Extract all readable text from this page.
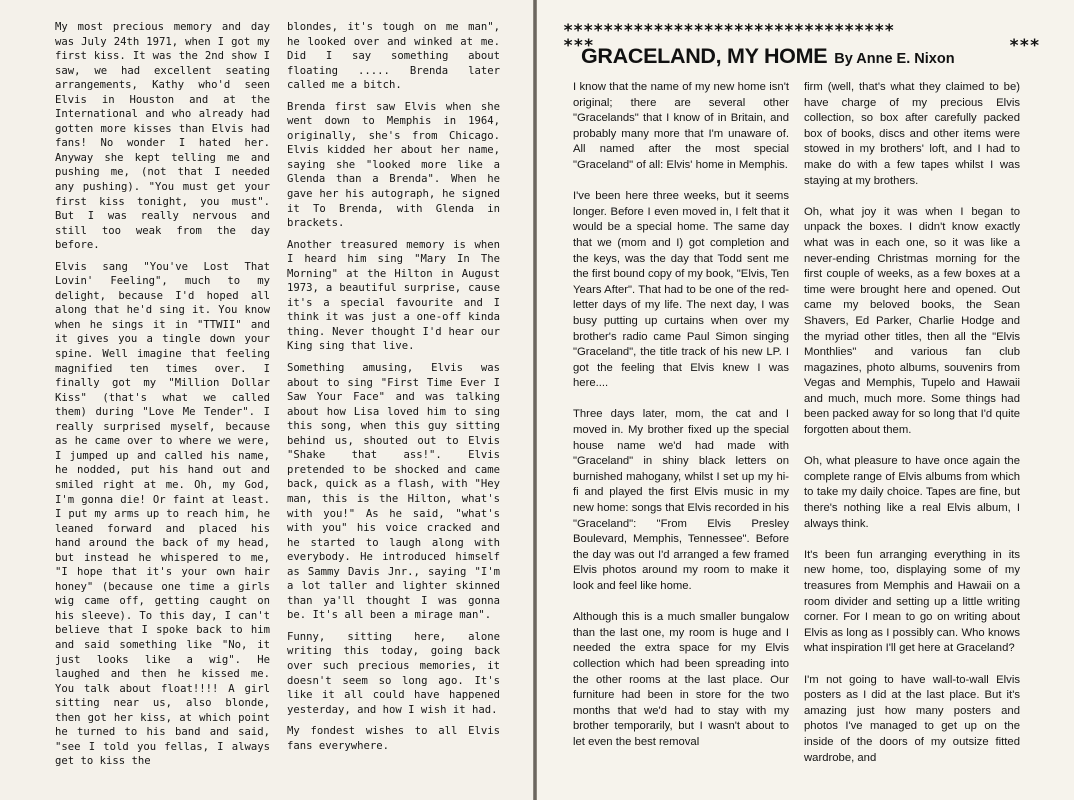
My most precious memory and day was July 24th 1971, when I got my first kiss. It was the 2nd show I saw, we had excellent seating arrangements, Kathy who'd seen Elvis in Houston and at the International and who already had gotten more kisses than Elvis had fans! No wonder I hated her. Anyway she kept telling me and pushing me, (not that I needed any pushing). "You must get your first kiss tonight, you must". But I was really nervous and still too weak from the day before.

Elvis sang "You've Lost That Lovin' Feeling", much to my delight, because I'd hoped all along that he'd sing it. You know when he sings it in "TTWII" and it gives you a tingle down your spine. Well imagine that feeling magnified ten times over. I finally got my "Million Dollar Kiss" (that's what we called them) during "Love Me Tender". I really surprised myself, because as he came over to where we were, I jumped up and called his name, he nodded, put his hand out and smiled right at me. Oh, my God, I'm gonna die! Or faint at least. I put my arms up to reach him, he leaned forward and placed his hand around the back of my head, but instead he whispered to me, "I hope that it's your own hair honey" (because one time a girls wig came off, getting caught on his sleeve). To this day, I can't believe that I spoke back to him and said something like "No, it just looks like a wig". He laughed and then he kissed me. You talk about float!!!! A girl sitting near us, also blonde, then got her kiss, at which point he turned to his band and said, "see I told you fellas, I always get to kiss the

blondes, it's tough on me man", he looked over and winked at me. Did I say something about floating ..... Brenda later called me a bitch.

Brenda first saw Elvis when she went down to Memphis in 1964, originally, she's from Chicago. Elvis kidded her about her name, saying she "looked more like a Glenda than a Brenda". When he gave her his autograph, he signed it To Brenda, with Glenda in brackets.

Another treasured memory is when I heard him sing "Mary In The Morning" at the Hilton in August 1973, a beautiful surprise, cause it's a special favourite and I think it was just a one-off kinda thing. Never thought I'd hear our King sing that live.

Something amusing, Elvis was about to sing "First Time Ever I Saw Your Face" and was talking about how Lisa loved him to sing this song, when this guy sitting behind us, shouted out to Elvis "Shake that ass!". Elvis pretended to be shocked and came back, quick as a flash, with "Hey man, this is the Hilton, what's with you!" As he said, "what's with you" his voice cracked and he started to laugh along with everybody. He introduced himself as Sammy Davis Jnr., saying "I'm a lot taller and lighter skinned than ya'll thought I was gonna be. It's all been a mirage man".

Funny, sitting here, alone writing this today, going back over such precious memories, it doesn't seem so long ago. It's like it all could have happened yesterday, and how I wish it had.

My fondest wishes to all Elvis fans everywhere.

*********************************
***	***
GRACELAND, MY HOME By Anne E. Nixon

I know that the name of my new home isn't original; there are several other "Gracelands" that I know of in Britain, and probably many more that I'm unaware of. All named after the most special "Graceland" of all: Elvis' home in Memphis.

I've been here three weeks, but it seems longer. Before I even moved in, I felt that it would be a special home. The same day that we (mom and I) got completion and the keys, was the day that Todd sent me the first bound copy of my book, "Elvis, Ten Years After". That had to be one of the red-letter days of my life. The next day, I was busy putting up curtains when over my brother's radio came Paul Simon singing "Graceland", the title track of his new LP. I got the feeling that Elvis knew I was here....

Three days later, mom, the cat and I moved in. My brother fixed up the special house name we'd had made with "Graceland" in shiny black letters on burnished mahogany, whilst I set up my hi-fi and played the first Elvis music in my new home: songs that Elvis recorded in his "Graceland": "From Elvis Presley Boulevard, Memphis, Tennessee". Before the day was out I'd arranged a few framed Elvis photos around my room to make it look and feel like home.

Although this is a much smaller bungalow than the last one, my room is huge and I needed the extra space for my Elvis collection which had been spreading into the other rooms at the last place. Our furniture had been in store for the two months that we'd had to stay with my brother temporarily, but I wasn't about to let even the best removal

firm (well, that's what they claimed to be) have charge of my precious Elvis collection, so box after carefully packed box of books, discs and other items were stowed in my brothers' loft, and I had to make do with a few tapes whilst I was staying at my brothers.

Oh, what joy it was when I began to unpack the boxes. I didn't know exactly what was in each one, so it was like a never-ending Christmas morning for the first couple of weeks, as a few boxes at a time were brought here and opened. Out came my beloved books, the Sean Shavers, Ed Parker, Charlie Hodge and the myriad other titles, then all the "Elvis Monthlies" and various fan club magazines, photo albums, souvenirs from Vegas and Memphis, Tupelo and Hawaii and much, much more. Some things had been packed away for so long that I'd quite forgotten about them.

Oh, what pleasure to have once again the complete range of Elvis albums from which to take my daily choice. Tapes are fine, but there's nothing like a real Elvis album, I always think.

It's been fun arranging everything in its new home, too, displaying some of my treasures from Memphis and Hawaii on a room divider and setting up a little writing corner. For I mean to go on writing about Elvis as long as I possibly can. Who knows what inspiration I'll get here at Graceland?

I'm not going to have wall-to-wall Elvis posters as I did at the last place. But it's amazing just how many posters and photos I've managed to get up on the inside of the doors of my outsize fitted wardrobe, and
